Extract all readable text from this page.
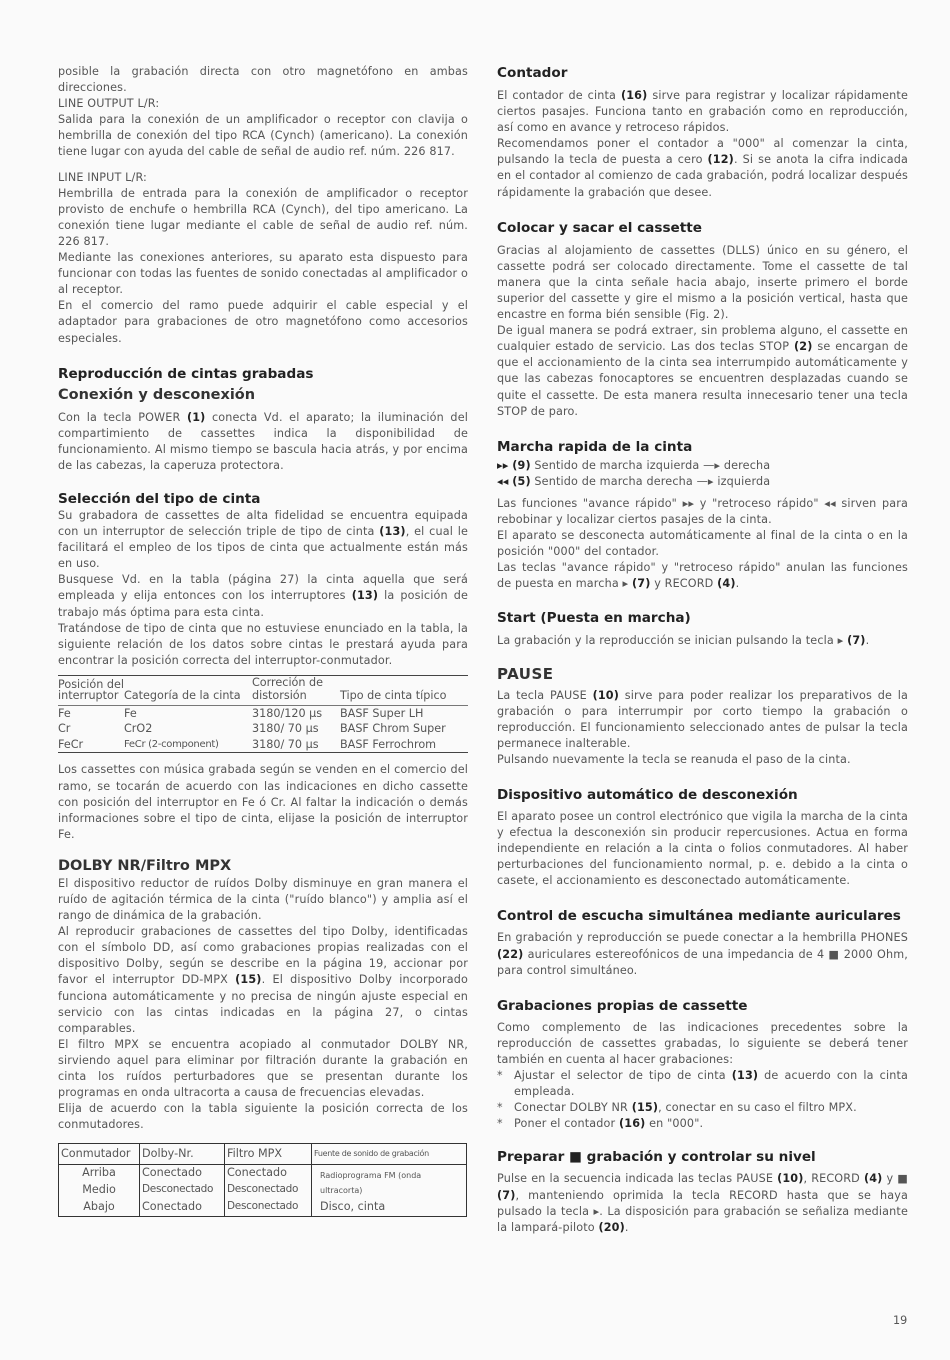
posible la grabación directa con otro magnetófono en ambas direcciones.

LINE OUTPUT L/R:

Salida para la conexión de un amplificador o receptor con clavija o hembrilla de conexión del tipo RCA (Cynch) (americano). La conexión tiene lugar con ayuda del cable de señal de audio ref. núm. 226 817.

LINE INPUT L/R:

Hembrilla de entrada para la conexión de amplificador o receptor provisto de enchufe o hembrilla RCA (Cynch), del tipo americano. La conexión tiene lugar mediante el cable de señal de audio ref. núm. 226 817.

Mediante las conexiones anteriores, su aparato esta dispuesto para funcionar con todas las fuentes de sonido conectadas al amplificador o al receptor.

En el comercio del ramo puede adquirir el cable especial y el adaptador para grabaciones de otro magnetófono como accesorios especiales.

Reproducción de cintas grabadas
Conexión y desconexión

Con la tecla POWER (1) conecta Vd. el aparato; la iluminación del compartimiento de cassettes indica la disponibilidad de funcionamiento. Al mismo tiempo se bascula hacia atrás, y por encima de las cabezas, la caperuza protectora.

Selección del tipo de cinta

Su grabadora de cassettes de alta fidelidad se encuentra equipada con un interruptor de selección triple de tipo de cinta (13), el cual le facilitará el empleo de los tipos de cinta que actualmente están más en uso.

Busquese Vd. en la tabla (página 27) la cinta aquella que será empleada y elija entonces con los interruptores (13) la posición de trabajo más óptima para esta cinta.

Tratándose de tipo de cinta que no estuviese enunciado en la tabla, la siguiente relación de los datos sobre cintas le prestará ayuda para encontrar la posición correcta del interruptor-conmutador.

Posición del interruptor	Categoría de la cinta	Correción de distorsión	Tipo de cinta típico
Fe	Fe	3180/120 µs	BASF Super LH
Cr	CrO2	3180/ 70 µs	BASF Chrom Super
FeCr	FeCr (2-component)	3180/ 70 µs	BASF Ferrochrom

Los cassettes con música grabada según se venden en el comercio del ramo, se tocarán de acuerdo con las indicaciones en dicho cassette con posición del interruptor en Fe ó Cr. Al faltar la indicación o demás informaciones sobre el tipo de cinta, elijase la posición de interruptor Fe.

DOLBY NR/Filtro MPX

El dispositivo reductor de ruídos Dolby disminuye en gran manera el ruído de agitación térmica de la cinta ("ruído blanco") y amplia así el rango de dinámica de la grabación.

Al reproducir grabaciones de cassettes del tipo Dolby, identificadas con el símbolo DD, así como grabaciones propias realizadas con el dispositivo Dolby, según se describe en la página 19, accionar por favor el interruptor DD-MPX (15). El dispositivo Dolby incorporado funciona automáticamente y no precisa de ningún ajuste especial en servicio con las cintas indicadas en la página 27, o cintas comparables.

El filtro MPX se encuentra acopiado al conmutador DOLBY NR, sirviendo aquel para eliminar por filtración durante la grabación en cinta los ruídos perturbadores que se presentan durante los programas en onda ultracorta a causa de frecuencias elevadas.

Elija de acuerdo con la tabla siguiente la posición correcta de los conmutadores.

Conmutador	Dolby-Nr.	Filtro MPX	Fuente de sonido de grabación
Arriba	Conectado	Conectado	Radioprograma FM (onda ultracorta)
Medio	Desconectado	Desconectado	
Abajo	Conectado	Desconectado	Disco, cinta
Contador

El contador de cinta (16) sirve para registrar y localizar rápidamente ciertos pasajes. Funciona tanto en grabación como en reproducción, así como en avance y retroceso rápidos.

Recomendamos poner el contador a "000" al comenzar la cinta, pulsando la tecla de puesta a cero (12). Si se anota la cifra indicada en el contador al comienzo de cada grabación, podrá localizar después rápidamente la grabación que desee.

Colocar y sacar el cassette

Gracias al alojamiento de cassettes (DLLS) único en su género, el cassette podrá ser colocado directamente. Tome el cassette de tal manera que la cinta señale hacia abajo, inserte primero el borde superior del cassette y gire el mismo a la posición vertical, hasta que encastre en forma bién sensible (Fig. 2).

De igual manera se podrá extraer, sin problema alguno, el cassette en cualquier estado de servicio. Las dos teclas STOP (2) se encargan de que el accionamiento de la cinta sea interrumpido automáticamente y que las cabezas fonocaptores se encuentren desplazadas cuando se quite el cassette. De esta manera resulta innecesario tener una tecla STOP de paro.

Marcha rapida de la cinta

▸▸ (9) Sentido de marcha izquierda —▸ derecha

◂◂ (5) Sentido de marcha derecha —▸ izquierda

Las funciones "avance rápido" ▸▸ y "retroceso rápido" ◂◂ sirven para rebobinar y localizar ciertos pasajes de la cinta.

El aparato se desconecta automáticamente al final de la cinta o en la posición "000" del contador.

Las teclas "avance rápido" y "retroceso rápido" anulan las funciones de puesta en marcha ▸ (7) y RECORD (4).

Start (Puesta en marcha)

La grabación y la reproducción se inician pulsando la tecla ▸ (7).

PAUSE

La tecla PAUSE (10) sirve para poder realizar los preparativos de la grabación o para interrumpir por corto tiempo la grabación o reproducción. El funcionamiento seleccionado antes de pulsar la tecla permanece inalterable.

Pulsando nuevamente la tecla se reanuda el paso de la cinta.

Dispositivo automático de desconexión

El aparato posee un control electrónico que vigila la marcha de la cinta y efectua la desconexión sin producir repercusiones. Actua en forma independiente en relación a la cinta o folios conmutadores. Al haber perturbaciones del funcionamiento normal, p. e. debido a la cinta o casete, el accionamiento es desconectado automáticamente.

Control de escucha simultánea mediante auriculares

En grabación y reproducción se puede conectar a la hembrilla PHONES (22) auriculares estereofónicos de una impedancia de 4 ■ 2000 Ohm, para control simultáneo.

Grabaciones propias de cassette

Como complemento de las indicaciones precedentes sobre la reproducción de cassettes grabadas, lo siguiente se deberá tener también en cuenta al hacer grabaciones:

*	Ajustar el selector de tipo de cinta (13) de acuerdo con la cinta empleada.

*	Conectar DOLBY NR (15), conectar en su caso el filtro MPX.

*	Poner el contador (16) en "000".

Preparar ■ grabación y controlar su nivel

Pulse en la secuencia indicada las teclas PAUSE (10), RECORD (4) y ■ (7), manteniendo oprimida la tecla RECORD hasta que se haya pulsado la tecla ▸. La disposición para grabación se señaliza mediante la lampará-piloto (20).

19
